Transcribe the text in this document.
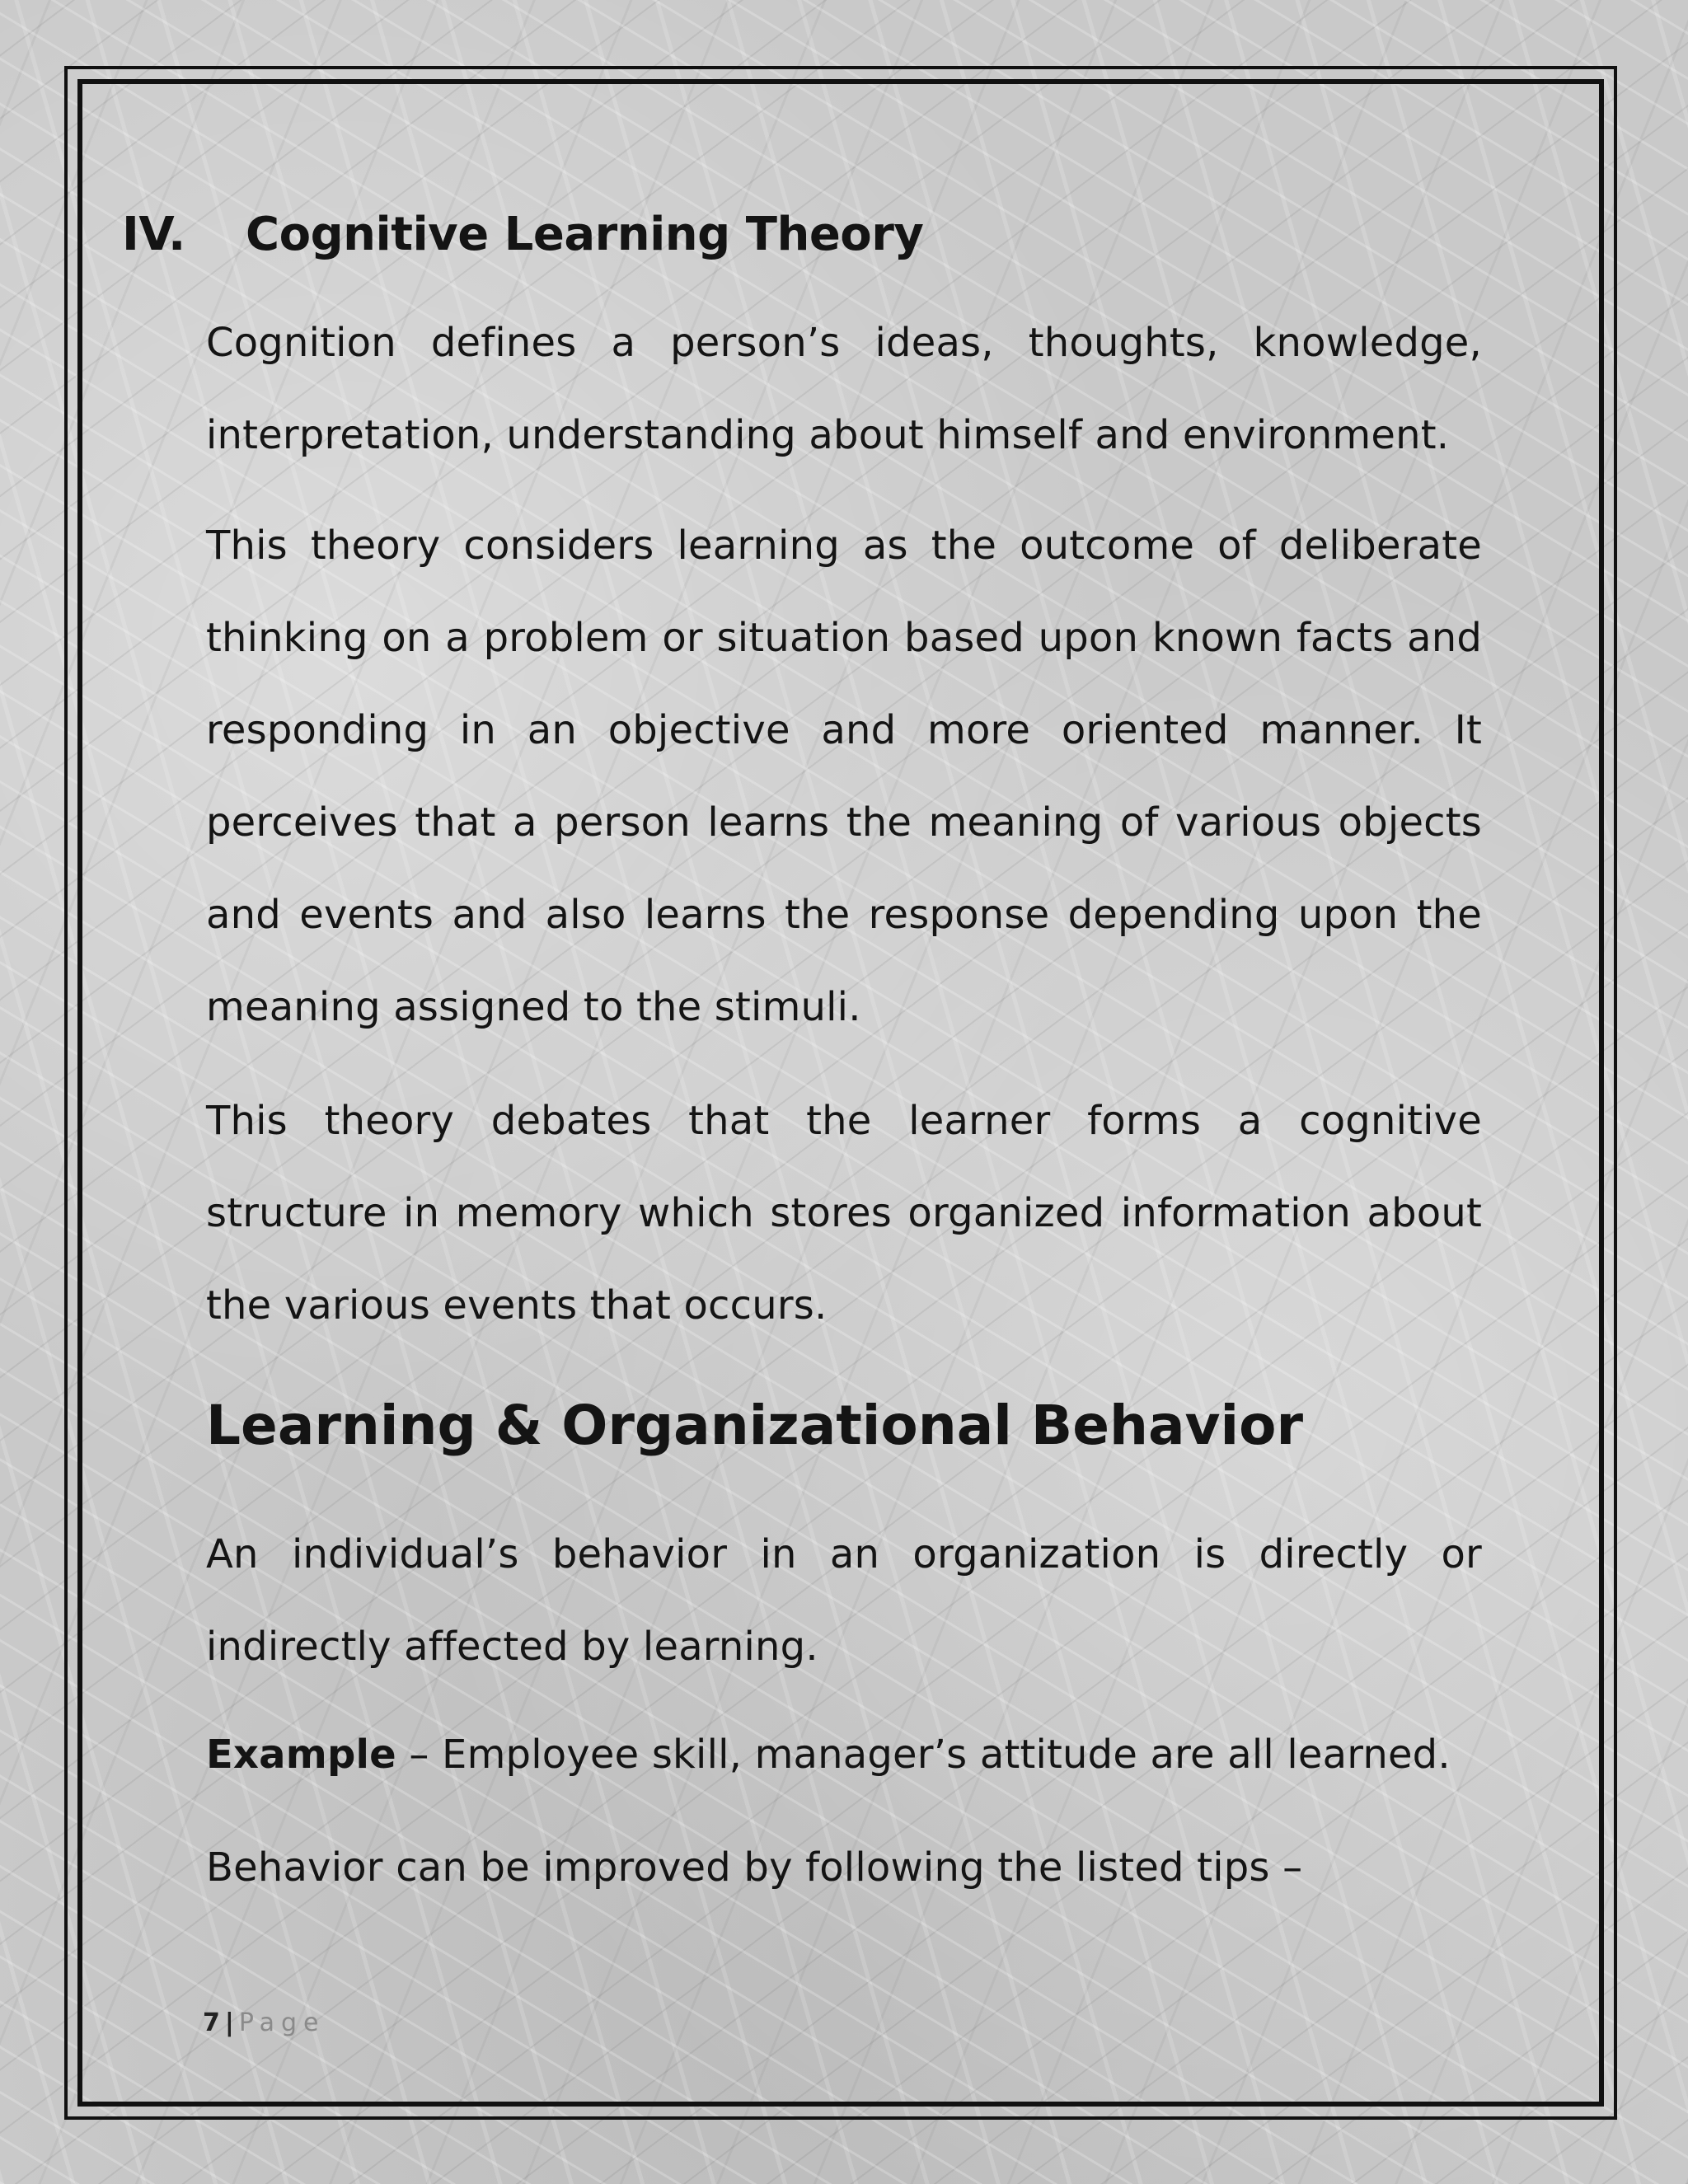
IV. Cognitive Learning Theory

Cognition defines a person’s ideas, thoughts, knowledge, interpretation, understanding about himself and environment.

This theory considers learning as the outcome of deliberate thinking on a problem or situation based upon known facts and responding in an objective and more oriented manner. It perceives that a person learns the meaning of various objects and events and also learns the response depending upon the meaning assigned to the stimuli.

This theory debates that the learner forms a cognitive structure in memory which stores organized information about the various events that occurs.

Learning & Organizational Behavior

An individual’s behavior in an organization is directly or indirectly affected by learning.

Example – Employee skill, manager’s attitude are all learned.

Behavior can be improved by following the listed tips –

7 | Page
